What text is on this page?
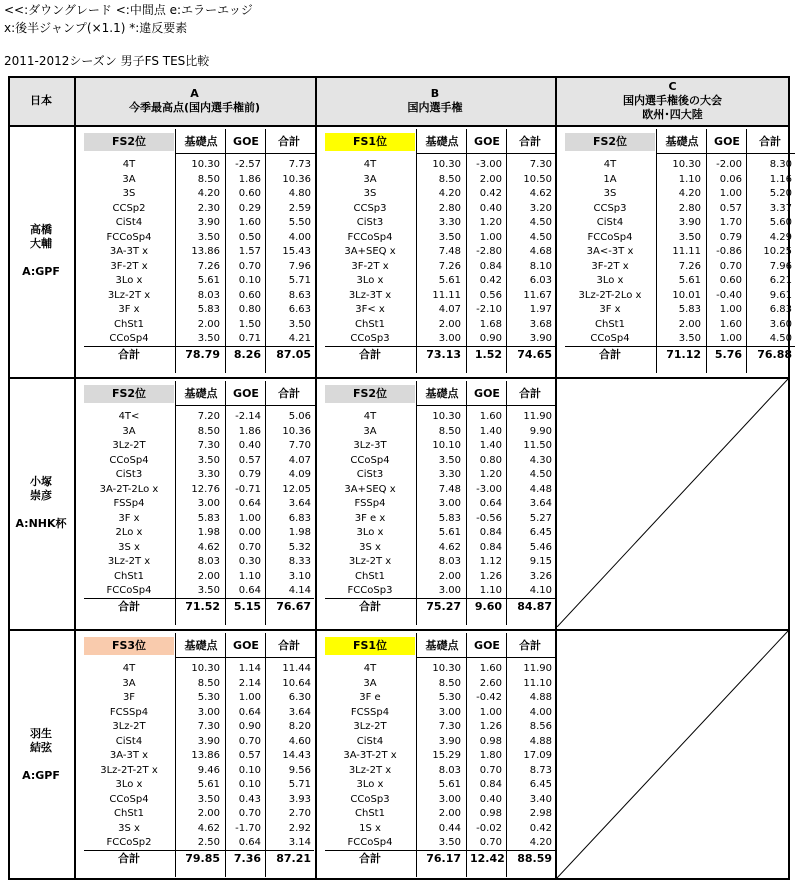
<<:ダウングレード <:中間点 e:エラーエッジ
x:後半ジャンプ(×1.1) *:違反要素
2011-2012シーズン 男子FS TES比較
日本
A
今季最高点(国内選手権前)
B
国内選手権
C
国内選手権後の大会
欧州･四大陸
高橋
大輔
A:GPF
FS2位	基礎点	GOE	合計
4T	10.30	-2.57	7.73
3A	8.50	1.86	10.36
3S	4.20	0.60	4.80
CCSp2	2.30	0.29	2.59
CiSt4	3.90	1.60	5.50
FCCoSp4	3.50	0.50	4.00
3A-3T x	13.86	1.57	15.43
3F-2T x	7.26	0.70	7.96
3Lo x	5.61	0.10	5.71
3Lz-2T x	8.03	0.60	8.63
3F x	5.83	0.80	6.63
ChSt1	2.00	1.50	3.50
CCoSp4	3.50	0.71	4.21
合計	78.79	8.26	87.05
FS1位	基礎点	GOE	合計
4T	10.30	-3.00	7.30
3A	8.50	2.00	10.50
3S	4.20	0.42	4.62
CCSp3	2.80	0.40	3.20
CiSt3	3.30	1.20	4.50
FCCoSp4	3.50	1.00	4.50
3A+SEQ x	7.48	-2.80	4.68
3F-2T x	7.26	0.84	8.10
3Lo x	5.61	0.42	6.03
3Lz-3T x	11.11	0.56	11.67
3F< x	4.07	-2.10	1.97
ChSt1	2.00	1.68	3.68
CCoSp3	3.00	0.90	3.90
合計	73.13	1.52	74.65
FS2位	基礎点	GOE	合計
4T	10.30	-2.00	8.30
1A	1.10	0.06	1.16
3S	4.20	1.00	5.20
CCSp3	2.80	0.57	3.37
CiSt4	3.90	1.70	5.60
FCCoSp4	3.50	0.79	4.29
3A<-3T x	11.11	-0.86	10.25
3F-2T x	7.26	0.70	7.96
3Lo x	5.61	0.60	6.21
3Lz-2T-2Lo x	10.01	-0.40	9.61
3F x	5.83	1.00	6.83
ChSt1	2.00	1.60	3.60
CCoSp4	3.50	1.00	4.50
合計	71.12	5.76	76.88
小塚
崇彦
A:NHK杯
FS2位	基礎点	GOE	合計
4T<	7.20	-2.14	5.06
3A	8.50	1.86	10.36
3Lz-2T	7.30	0.40	7.70
CCoSp4	3.50	0.57	4.07
CiSt3	3.30	0.79	4.09
3A-2T-2Lo x	12.76	-0.71	12.05
FSSp4	3.00	0.64	3.64
3F x	5.83	1.00	6.83
2Lo x	1.98	0.00	1.98
3S x	4.62	0.70	5.32
3Lz-2T x	8.03	0.30	8.33
ChSt1	2.00	1.10	3.10
FCCoSp4	3.50	0.64	4.14
合計	71.52	5.15	76.67
FS2位	基礎点	GOE	合計
4T	10.30	1.60	11.90
3A	8.50	1.40	9.90
3Lz-3T	10.10	1.40	11.50
CCoSp4	3.50	0.80	4.30
CiSt3	3.30	1.20	4.50
3A+SEQ x	7.48	-3.00	4.48
FSSp4	3.00	0.64	3.64
3F e x	5.83	-0.56	5.27
3Lo x	5.61	0.84	6.45
3S x	4.62	0.84	5.46
3Lz-2T x	8.03	1.12	9.15
ChSt1	2.00	1.26	3.26
FCCoSp3	3.00	1.10	4.10
合計	75.27	9.60	84.87
羽生
結弦
A:GPF
FS3位	基礎点	GOE	合計
4T	10.30	1.14	11.44
3A	8.50	2.14	10.64
3F	5.30	1.00	6.30
FCSSp4	3.00	0.64	3.64
3Lz-2T	7.30	0.90	8.20
CiSt4	3.90	0.70	4.60
3A-3T x	13.86	0.57	14.43
3Lz-2T-2T x	9.46	0.10	9.56
3Lo x	5.61	0.10	5.71
CCoSp4	3.50	0.43	3.93
ChSt1	2.00	0.70	2.70
3S x	4.62	-1.70	2.92
FCCoSp2	2.50	0.64	3.14
合計	79.85	7.36	87.21
FS1位	基礎点	GOE	合計
4T	10.30	1.60	11.90
3A	8.50	2.60	11.10
3F e	5.30	-0.42	4.88
FCSSp4	3.00	1.00	4.00
3Lz-2T	7.30	1.26	8.56
CiSt4	3.90	0.98	4.88
3A-3T-2T x	15.29	1.80	17.09
3Lz-2T x	8.03	0.70	8.73
3Lo x	5.61	0.84	6.45
CCoSp3	3.00	0.40	3.40
ChSt1	2.00	0.98	2.98
1S x	0.44	-0.02	0.42
FCCoSp4	3.50	0.70	4.20
合計	76.17 12.42	88.59
